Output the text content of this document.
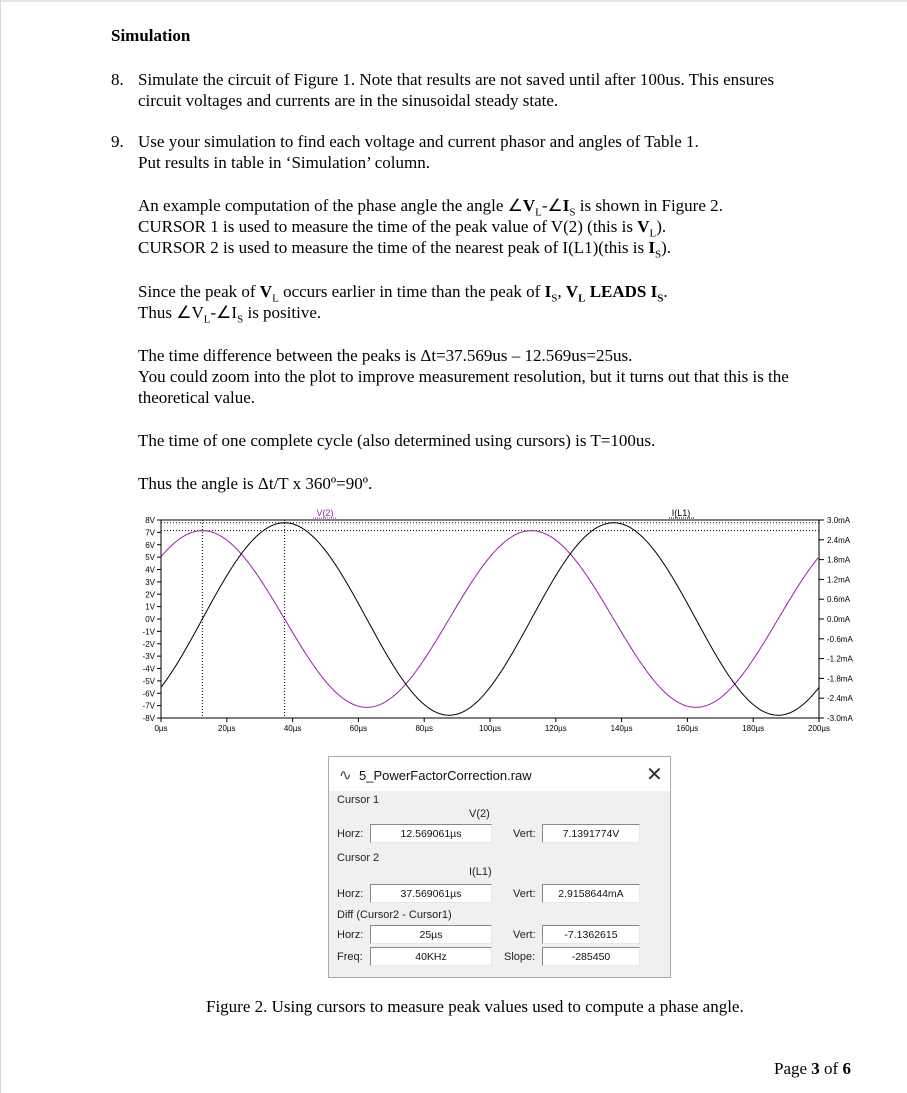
Simulation
8. Simulate the circuit of Figure 1. Note that results are not saved until after 100us. This ensures
circuit voltages and currents are in the sinusoidal steady state.
9. Use your simulation to find each voltage and current phasor and angles of Table 1.
Put results in table in ‘Simulation’ column.
An example computation of the phase angle the angle $\angle V_L-\angle I_S$ is shown in Figure 2.
CURSOR 1 is used to measure the time of the peak value of V(2) (this is $V_L$).
CURSOR 2 is used to measure the time of the nearest peak of I(L1)(this is $I_S$).
Since the peak of $V_L$ occurs earlier in time than the peak of $I_S$, $V_L$ LEADS $I_S$.
Thus $\angle V_L-\angle I_S$ is positive.
The time difference between the peaks is Δt=37.569us – 12.569us=25us.
You could zoom into the plot to improve measurement resolution, but it turns out that this is the
theoretical value.
The time of one complete cycle (also determined using cursors) is T=100us.
Thus the angle is Δt/T x 360º=90º.
8V
7V
6V
5V
4V
3V
2V
1V
0V
-1V
-2V
-3V
-4V
-5V
-6V
-7V
-8V
3.0mA
2.4mA
1.8mA
1.2mA
0.6mA
0.0mA
-0.6mA
-1.2mA
-1.8mA
-2.4mA
-3.0mA
0µs	20µs	40µs	60µs	80µs	100µs	120µs	140µs	160µs	180µs	200µs
V(2)	I(L1)
∿ 5_PowerFactorCorrection.raw	✕
Cursor 1
V(2)
Horz:	12.569061µs	Vert:	7.1391774V
Cursor 2
I(L1)
Horz:	37.569061µs	Vert:	2.9158644mA
Diff (Cursor2 - Cursor1)
Horz:	25µs	Vert:	-7.1362615
Freq:	40KHz	Slope:	-285450
Figure 2. Using cursors to measure peak values used to compute a phase angle.
Page 3 of 6
